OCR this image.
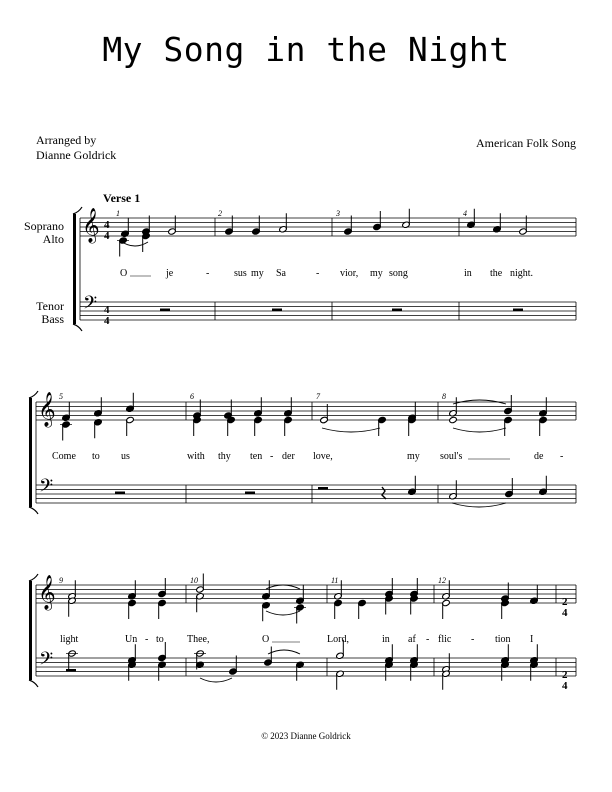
My Song in the Night
Arranged by
Dianne Goldrick
American Folk Song
𝄞
𝄢
𝄞
𝄢
𝄞
𝄢
Verse 1
Soprano
Alto
Tenor
Bass
4
4
4
4
2
4
2
4
1	2	3	4
5	6	7	8
9	10	11	12
O	je	- sus my Sa	- vior, my song	in the night.
Come to us	with thy ten - der love,	my soul's	de -
light	Un - to Thee,	O	Lord,	in af - flic - tion I
© 2023 Dianne Goldrick
